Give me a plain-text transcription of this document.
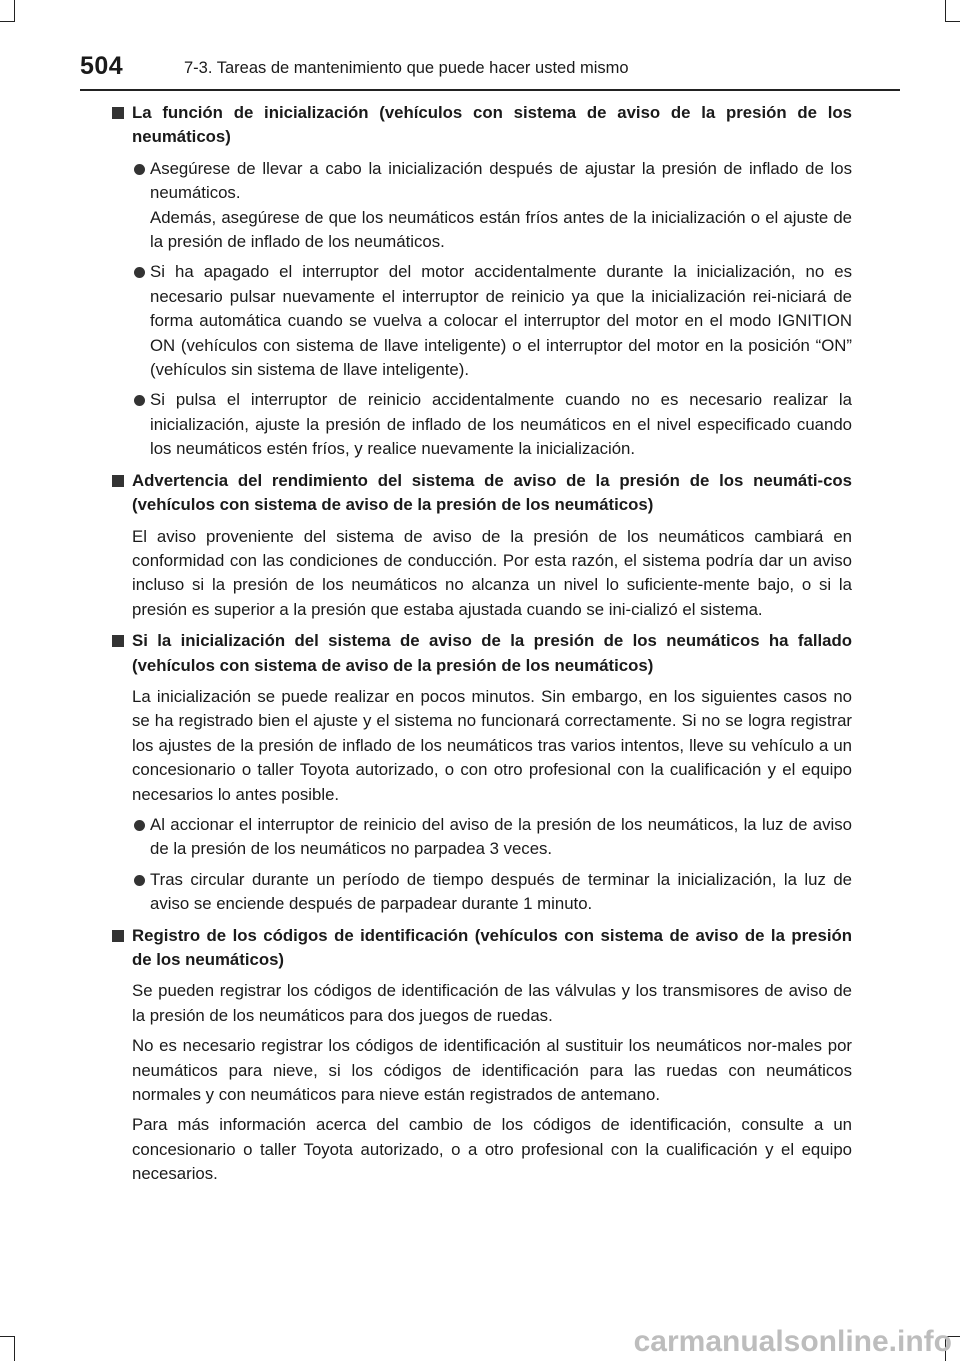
504	7-3. Tareas de mantenimiento que puede hacer usted mismo
La función de inicialización (vehículos con sistema de aviso de la presión de los neumáticos)
Asegúrese de llevar a cabo la inicialización después de ajustar la presión de inflado de los neumáticos.
Además, asegúrese de que los neumáticos están fríos antes de la inicialización o el ajuste de la presión de inflado de los neumáticos.
Si ha apagado el interruptor del motor accidentalmente durante la inicialización, no es necesario pulsar nuevamente el interruptor de reinicio ya que la inicialización rei-niciará de forma automática cuando se vuelva a colocar el interruptor del motor en el modo IGNITION ON (vehículos con sistema de llave inteligente) o el interruptor del motor en la posición “ON” (vehículos sin sistema de llave inteligente).
Si pulsa el interruptor de reinicio accidentalmente cuando no es necesario realizar la inicialización, ajuste la presión de inflado de los neumáticos en el nivel especificado cuando los neumáticos estén fríos, y realice nuevamente la inicialización.
Advertencia del rendimiento del sistema de aviso de la presión de los neumáti-cos (vehículos con sistema de aviso de la presión de los neumáticos)
El aviso proveniente del sistema de aviso de la presión de los neumáticos cambiará en conformidad con las condiciones de conducción. Por esta razón, el sistema podría dar un aviso incluso si la presión de los neumáticos no alcanza un nivel lo suficiente-mente bajo, o si la presión es superior a la presión que estaba ajustada cuando se ini-cializó el sistema.
Si la inicialización del sistema de aviso de la presión de los neumáticos ha fallado (vehículos con sistema de aviso de la presión de los neumáticos)
La inicialización se puede realizar en pocos minutos. Sin embargo, en los siguientes casos no se ha registrado bien el ajuste y el sistema no funcionará correctamente. Si no se logra registrar los ajustes de la presión de inflado de los neumáticos tras varios intentos, lleve su vehículo a un concesionario o taller Toyota autorizado, o con otro profesional con la cualificación y el equipo necesarios lo antes posible.
Al accionar el interruptor de reinicio del aviso de la presión de los neumáticos, la luz de aviso de la presión de los neumáticos no parpadea 3 veces.
Tras circular durante un período de tiempo después de terminar la inicialización, la luz de aviso se enciende después de parpadear durante 1 minuto.
Registro de los códigos de identificación (vehículos con sistema de aviso de la presión de los neumáticos)
Se pueden registrar los códigos de identificación de las válvulas y los transmisores de aviso de la presión de los neumáticos para dos juegos de ruedas.
No es necesario registrar los códigos de identificación al sustituir los neumáticos nor-males por neumáticos para nieve, si los códigos de identificación para las ruedas con neumáticos normales y con neumáticos para nieve están registrados de antemano.
Para más información acerca del cambio de los códigos de identificación, consulte a un concesionario o taller Toyota autorizado, o a otro profesional con la cualificación y el equipo necesarios.
carmanualsonline.info
